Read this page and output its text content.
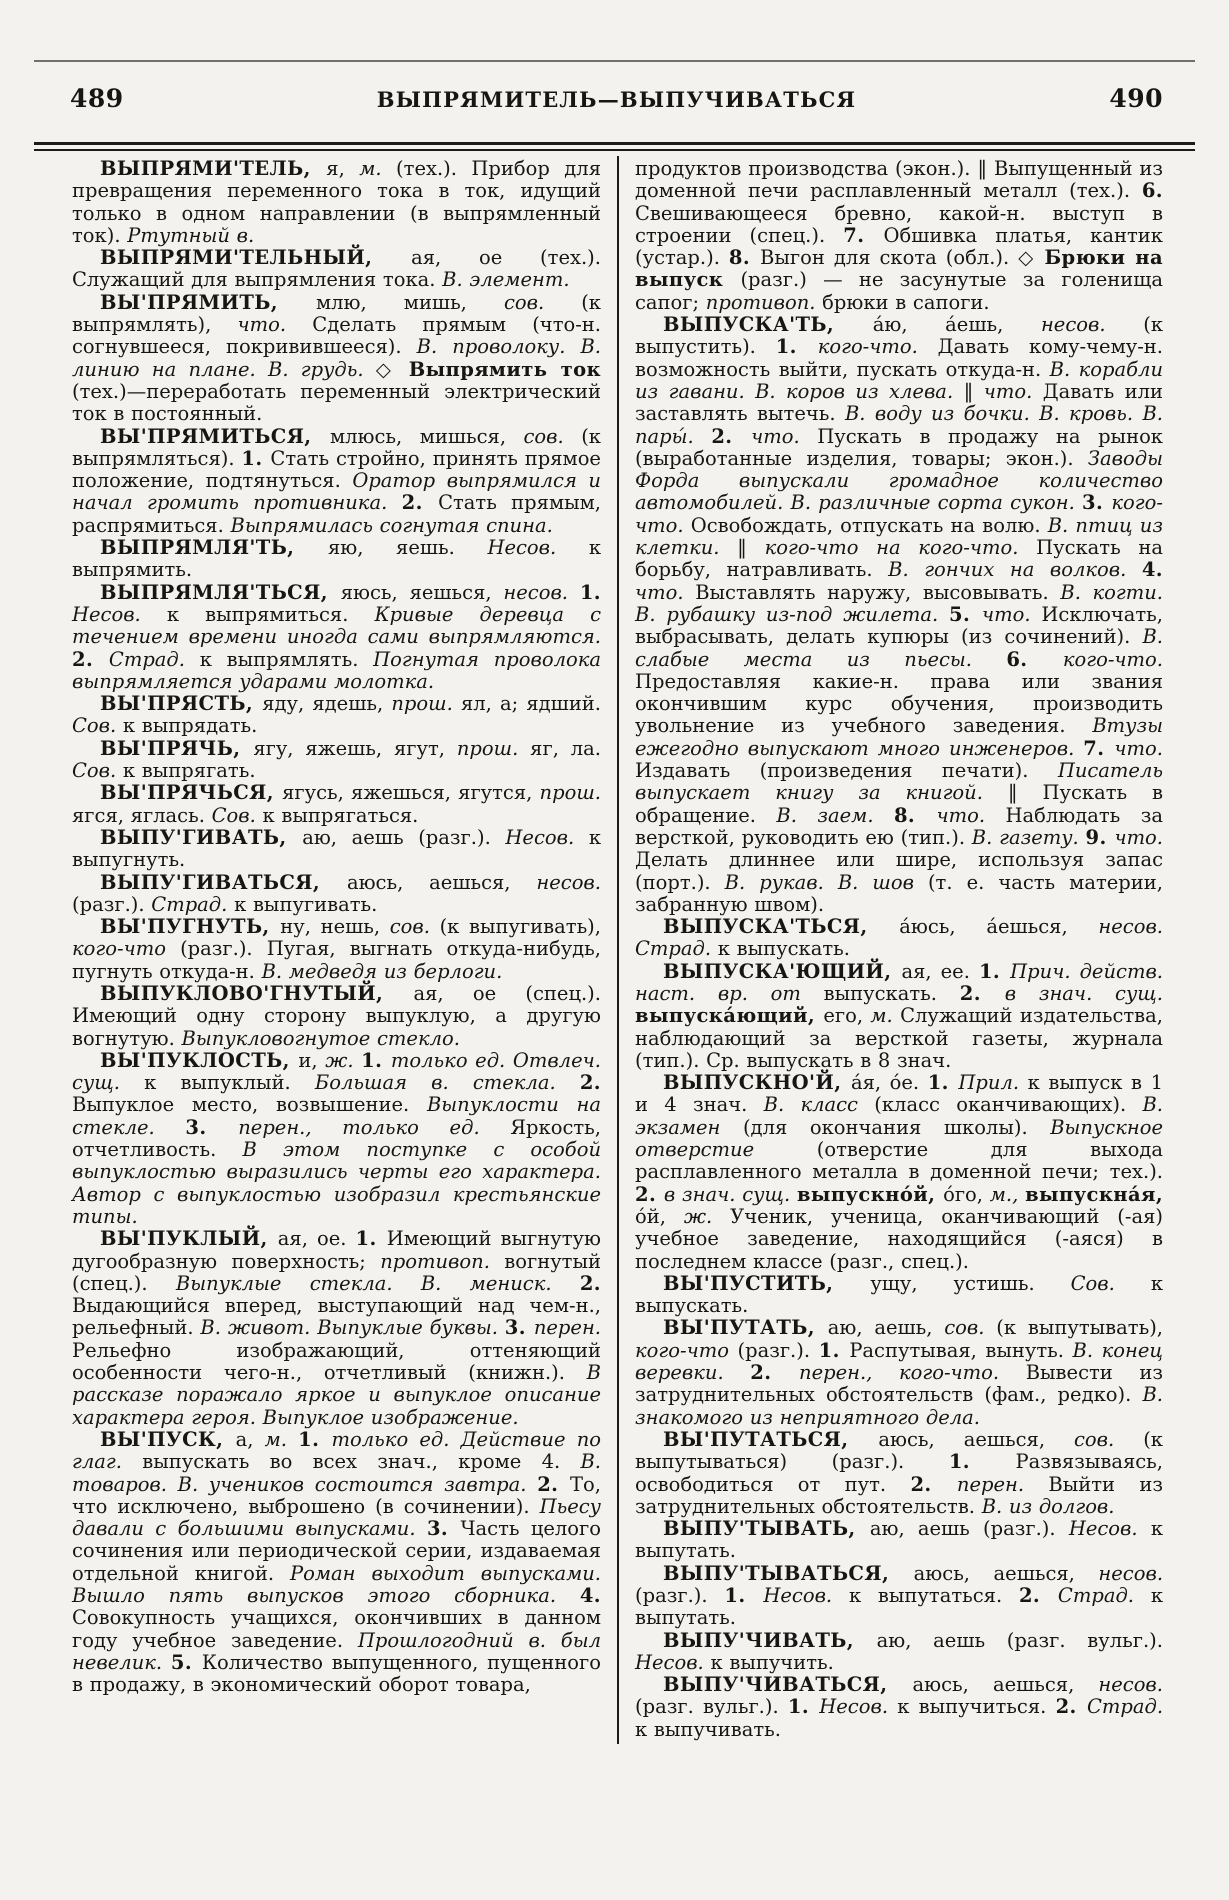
489	ВЫПРЯМИТЕЛЬ—ВЫПУЧИВАТЬСЯ	490

ВЫПРЯМИ'ТЕЛЬ, я, м. (тех.). Прибор для превращения переменного тока в ток, идущий только в одном направлении (в выпрямленный ток). Ртутный в.

ВЫПРЯМИ'ТЕЛЬНЫЙ, ая, ое (тех.). Служащий для выпрямления тока. В. элемент.

ВЫ'ПРЯМИТЬ, млю, мишь, сов. (к выпрямлять), что. Сделать прямым (что-н. согнувшееся, покривившееся). В. проволоку. В. линию на плане. В. грудь. ◇ Выпрямить ток (тех.)—переработать переменный электрический ток в постоянный.

ВЫ'ПРЯМИТЬСЯ, млюсь, мишься, сов. (к выпрямляться). 1. Стать стройно, принять прямое положение, подтянуться. Оратор выпрямился и начал громить противника. 2. Стать прямым, распрямиться. Выпрямилась согнутая спина.

ВЫПРЯМЛЯ'ТЬ, яю, яешь. Несов. к выпрямить.

ВЫПРЯМЛЯ'ТЬСЯ, яюсь, яешься, несов. 1. Несов. к выпрямиться. Кривые деревца с течением времени иногда сами выпрямляются. 2. Страд. к выпрямлять. Погнутая проволока выпрямляется ударами молотка.

ВЫ'ПРЯСТЬ, яду, ядешь, прош. ял, а; ядший. Сов. к выпрядать.

ВЫ'ПРЯЧЬ, ягу, яжешь, ягут, прош. яг, ла. Сов. к выпрягать.

ВЫ'ПРЯЧЬСЯ, ягусь, яжешься, ягутся, прош. ягся, яглась. Сов. к выпрягаться.

ВЫПУ'ГИВАТЬ, аю, аешь (разг.). Несов. к выпугнуть.

ВЫПУ'ГИВАТЬСЯ, аюсь, аешься, несов. (разг.). Страд. к выпугивать.

ВЫ'ПУГНУТЬ, ну, нешь, сов. (к выпугивать), кого-что (разг.). Пугая, выгнать откуда-нибудь, пугнуть откуда-н. В. медведя из берлоги.

ВЫПУКЛОВО'ГНУТЫЙ, ая, ое (спец.). Имеющий одну сторону выпуклую, а другую вогнутую. Выпукловогнутое стекло.

ВЫ'ПУКЛОСТЬ, и, ж. 1. только ед. Отвлеч. сущ. к выпуклый. Большая в. стекла. 2. Выпуклое место, возвышение. Выпуклости на стекле. 3. перен., только ед. Яркость, отчетливость. В этом поступке с особой выпуклостью выразились черты его характера. Автор с выпуклостью изобразил крестьянские типы.

ВЫ'ПУКЛЫЙ, ая, ое. 1. Имеющий выгнутую дугообразную поверхность; противоп. вогнутый (спец.). Выпуклые стекла. В. мениск. 2. Выдающийся вперед, выступающий над чем-н., рельефный. В. живот. Выпуклые буквы. 3. перен. Рельефно изображающий, оттеняющий особенности чего-н., отчетливый (книжн.). В рассказе поражало яркое и выпуклое описание характера героя. Выпуклое изображение.

ВЫ'ПУСК, а, м. 1. только ед. Действие по глаг. выпускать во всех знач., кроме 4. В. товаров. В. учеников состоится завтра. 2. То, что исключено, выброшено (в сочинении). Пьесу давали с большими выпусками. 3. Часть целого сочинения или периодической серии, издаваемая отдельной книгой. Роман выходит выпусками. Вышло пять выпусков этого сборника. 4. Совокупность учащихся, окончивших в данном году учебное заведение. Прошлогодний в. был невелик. 5. Количество выпущенного, пущенного в продажу, в экономический оборот товара,

продуктов производства (экон.). ‖ Выпущенный из доменной печи расплавленный металл (тех.). 6. Свешивающееся бревно, какой-н. выступ в строении (спец.). 7. Обшивка платья, кантик (устар.). 8. Выгон для скота (обл.). ◇ Брюки на выпуск (разг.) — не засунутые за голенища сапог; противоп. брюки в сапоги.

ВЫПУСКА'ТЬ, а́ю, а́ешь, несов. (к выпустить). 1. кого-что. Давать кому-чему-н. возможность выйти, пускать откуда-н. В. корабли из гавани. В. коров из хлева. ‖ что. Давать или заставлять вытечь. В. воду из бочки. В. кровь. В. пары́. 2. что. Пускать в продажу на рынок (выработанные изделия, товары; экон.). Заводы Форда выпускали громадное количество автомобилей. В. различные сорта сукон. 3. кого-что. Освобождать, отпускать на волю. В. птиц из клетки. ‖ кого-что на кого-что. Пускать на борьбу, натравливать. В. гончих на волков. 4. что. Выставлять наружу, высовывать. В. когти. В. рубашку из-под жилета. 5. что. Исключать, выбрасывать, делать купюры (из сочинений). В. слабые места из пьесы. 6. кого-что. Предоставляя какие-н. права или звания окончившим курс обучения, производить увольнение из учебного заведения. Втузы ежегодно выпускают много инженеров. 7. что. Издавать (произведения печати). Писатель выпускает книгу за книгой. ‖ Пускать в обращение. В. заем. 8. что. Наблюдать за версткой, руководить ею (тип.). В. газету. 9. что. Делать длиннее или шире, используя запас (порт.). В. рукав. В. шов (т. е. часть материи, забранную швом).

ВЫПУСКА'ТЬСЯ, а́юсь, а́ешься, несов. Страд. к выпускать.

ВЫПУСКА'ЮЩИЙ, ая, ее. 1. Прич. действ. наст. вр. от выпускать. 2. в знач. сущ. выпуска́ющий, его, м. Служащий издательства, наблюдающий за версткой газеты, журнала (тип.). Ср. выпускать в 8 знач.

ВЫПУСКНО'Й, а́я, о́е. 1. Прил. к выпуск в 1 и 4 знач. В. класс (класс оканчивающих). В. экзамен (для окончания школы). Выпускное отверстие (отверстие для выхода расплавленного металла в доменной печи; тех.). 2. в знач. сущ. выпускно́й, о́го, м., выпускна́я, о́й, ж. Ученик, ученица, оканчивающий (-ая) учебное заведение, находящийся (-аяся) в последнем классе (разг., спец.).

ВЫ'ПУСТИТЬ, ущу, устишь. Сов. к выпускать.

ВЫ'ПУТАТЬ, аю, аешь, сов. (к выпутывать), кого-что (разг.). 1. Распутывая, вынуть. В. конец веревки. 2. перен., кого-что. Вывести из затруднительных обстоятельств (фам., редко). В. знакомого из неприятного дела.

ВЫ'ПУТАТЬСЯ, аюсь, аешься, сов. (к выпутываться) (разг.). 1. Развязываясь, освободиться от пут. 2. перен. Выйти из затруднительных обстоятельств. В. из долгов.

ВЫПУ'ТЫВАТЬ, аю, аешь (разг.). Несов. к выпутать.

ВЫПУ'ТЫВАТЬСЯ, аюсь, аешься, несов. (разг.). 1. Несов. к выпутаться. 2. Страд. к выпутать.

ВЫПУ'ЧИВАТЬ, аю, аешь (разг. вульг.). Несов. к выпучить.

ВЫПУ'ЧИВАТЬСЯ, аюсь, аешься, несов. (разг. вульг.). 1. Несов. к выпучиться. 2. Страд. к выпучивать.
